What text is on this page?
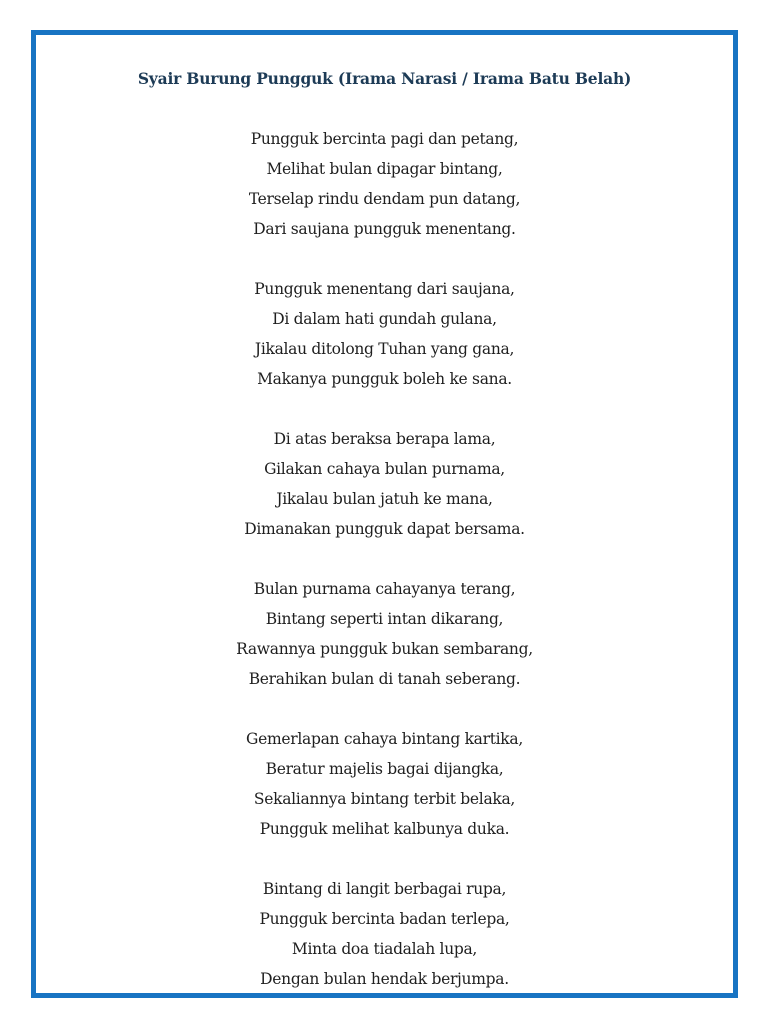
Syair Burung Pungguk (Irama Narasi / Irama Batu Belah)
Pungguk bercinta pagi dan petang,
Melihat bulan dipagar bintang,
Terselap rindu dendam pun datang,
Dari saujana pungguk menentang.
Pungguk menentang dari saujana,
Di dalam hati gundah gulana,
Jikalau ditolong Tuhan yang gana,
Makanya pungguk boleh ke sana.
Di atas beraksa berapa lama,
Gilakan cahaya bulan purnama,
Jikalau bulan jatuh ke mana,
Dimanakan pungguk dapat bersama.
Bulan purnama cahayanya terang,
Bintang seperti intan dikarang,
Rawannya pungguk bukan sembarang,
Berahikan bulan di tanah seberang.
Gemerlapan cahaya bintang kartika,
Beratur majelis bagai dijangka,
Sekaliannya bintang terbit belaka,
Pungguk melihat kalbunya duka.
Bintang di langit berbagai rupa,
Pungguk bercinta badan terlepa,
Minta doa tiadalah lupa,
Dengan bulan hendak berjumpa.
